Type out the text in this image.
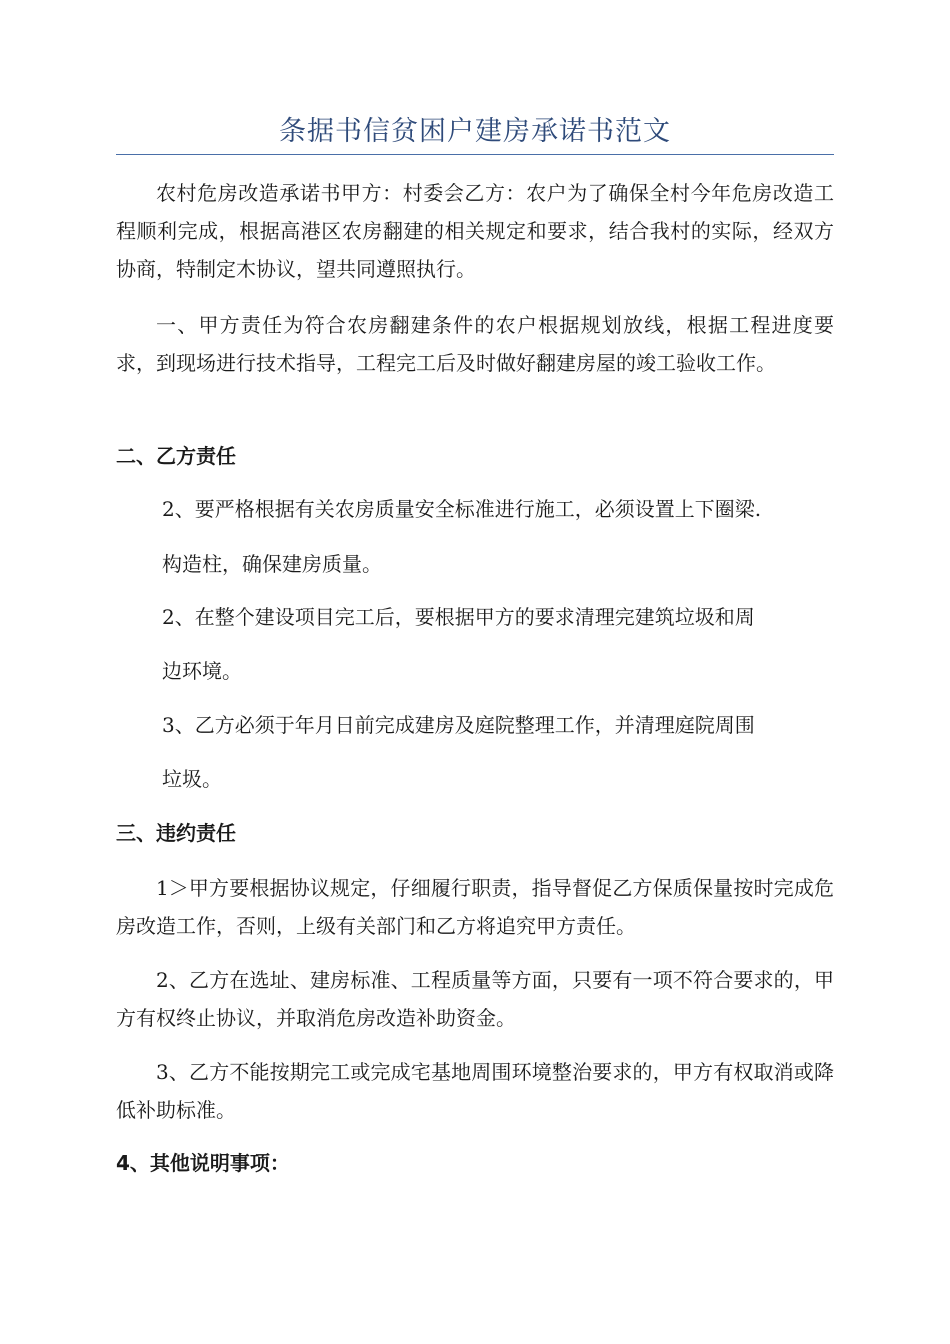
条据书信贫困户建房承诺书范文

农村危房改造承诺书甲方：村委会乙方：农户为了确保全村今年危房改造工程顺利完成，根据高港区农房翻建的相关规定和要求，结合我村的实际，经双方协商，特制定木协议，望共同遵照执行。

一、甲方责任为符合农房翻建条件的农户根据规划放线，根据工程进度要求，到现场进行技术指导，工程完工后及时做好翻建房屋的竣工验收工作。

二、乙方责任

2、要严格根据有关农房质量安全标准进行施工，必须设置上下圈梁.

构造柱，确保建房质量。

2、在整个建设项目完工后，要根据甲方的要求清理完建筑垃圾和周

边环境。

3、乙方必须于年月日前完成建房及庭院整理工作，并清理庭院周围

垃圾。

三、违约责任

1＞甲方要根据协议规定，仔细履行职责，指导督促乙方保质保量按时完成危房改造工作，否则，上级有关部门和乙方将追究甲方责任。

2、乙方在选址、建房标准、工程质量等方面，只要有一项不符合要求的，甲方有权终止协议，并取消危房改造补助资金。

3、乙方不能按期完工或完成宅基地周围环境整治要求的，甲方有权取消或降低补助标准。

4、其他说明事项：
